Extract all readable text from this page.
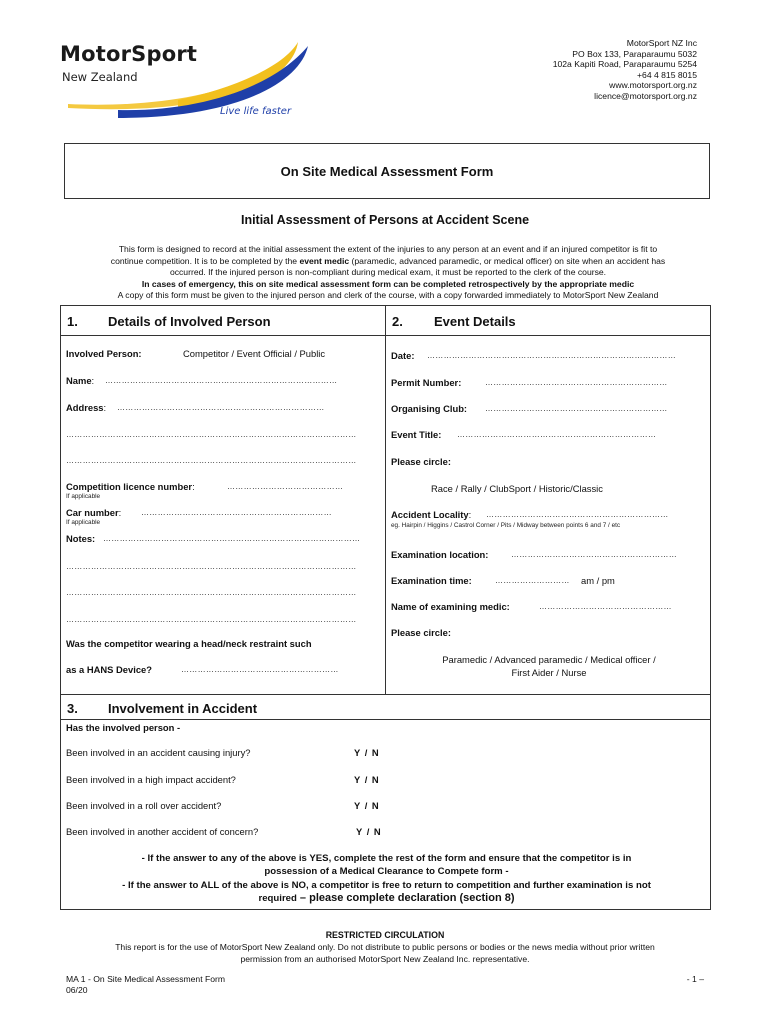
MotorSport
New Zealand
Live life faster
MotorSport NZ Inc
PO Box 133, Paraparaumu 5032
102a Kapiti Road, Paraparaumu 5254
+64 4 815 8015
www.motorsport.org.nz
licence@motorsport.org.nz
On Site Medical Assessment Form
Initial Assessment of Persons at Accident Scene

This form is designed to record at the initial assessment the extent of the injuries to any person at an event and if an injured competitor is fit to

continue competition. It is to be completed by the event medic (paramedic, advanced paramedic, or medical officer) on site when an accident has

occurred. If the injured person is non-compliant during medical exam, it must be reported to the clerk of the course.

In cases of emergency, this on site medical assessment form can be completed retrospectively by the appropriate medic

A copy of this form must be given to the injured person and clerk of the course, with a copy forwarded immediately to MotorSport New Zealand

1. Details of Involved Person
Involved Person:	Competitor / Event Official / Public
Name: …………………………………………………………………………
Address: …………………………………………………………………
……………………………………………………………………………………………
……………………………………………………………………………………………
Competition licence number:	……………………………………
If applicable
Car number: ……………………………………………………………
If applicable
Notes: …………………………………………………………………………………
……………………………………………………………………………………………
……………………………………………………………………………………………
……………………………………………………………………………………………
Was the competitor wearing a head/neck restraint such
as a HANS Device?	…………………………………………………
2. Event Details
Date: ………………………………………………………………………………
Permit Number:	…………………………………………………………
Organising Club: …………………………………………………………
Event Title: ………………………………………………………………
Please circle:
Race / Rally / ClubSport / Historic/Classic
Accident Locality: …………………………………………………………
eg. Hairpin / Higgins / Castrol Corner / Pits / Midway between points 6 and 7 / etc
Examination location:	……………………………………………………
Examination time:	………………………	am / pm
Name of examining medic:	…………………………………………
Please circle:
Paramedic / Advanced paramedic / Medical officer /
First Aider / Nurse
3. Involvement in Accident
Has the involved person -
Been involved in an accident causing injury?	Y / N
Been involved in a high impact accident?	Y / N
Been involved in a roll over accident?	Y / N
Been involved in another accident of concern?	Y / N
- If the answer to any of the above is YES, complete the rest of the form and ensure that the competitor is in
possession of a Medical Clearance to Compete form -
- If the answer to ALL of the above is NO, a competitor is free to return to competition and further examination is not
required – please complete declaration (section 8)
RESTRICTED CIRCULATION
This report is for the use of MotorSport New Zealand only. Do not distribute to public persons or bodies or the news media without prior written
permission from an authorised MotorSport New Zealand Inc. representative.
MA 1 - On Site Medical Assessment Form
06/20
- 1 –
